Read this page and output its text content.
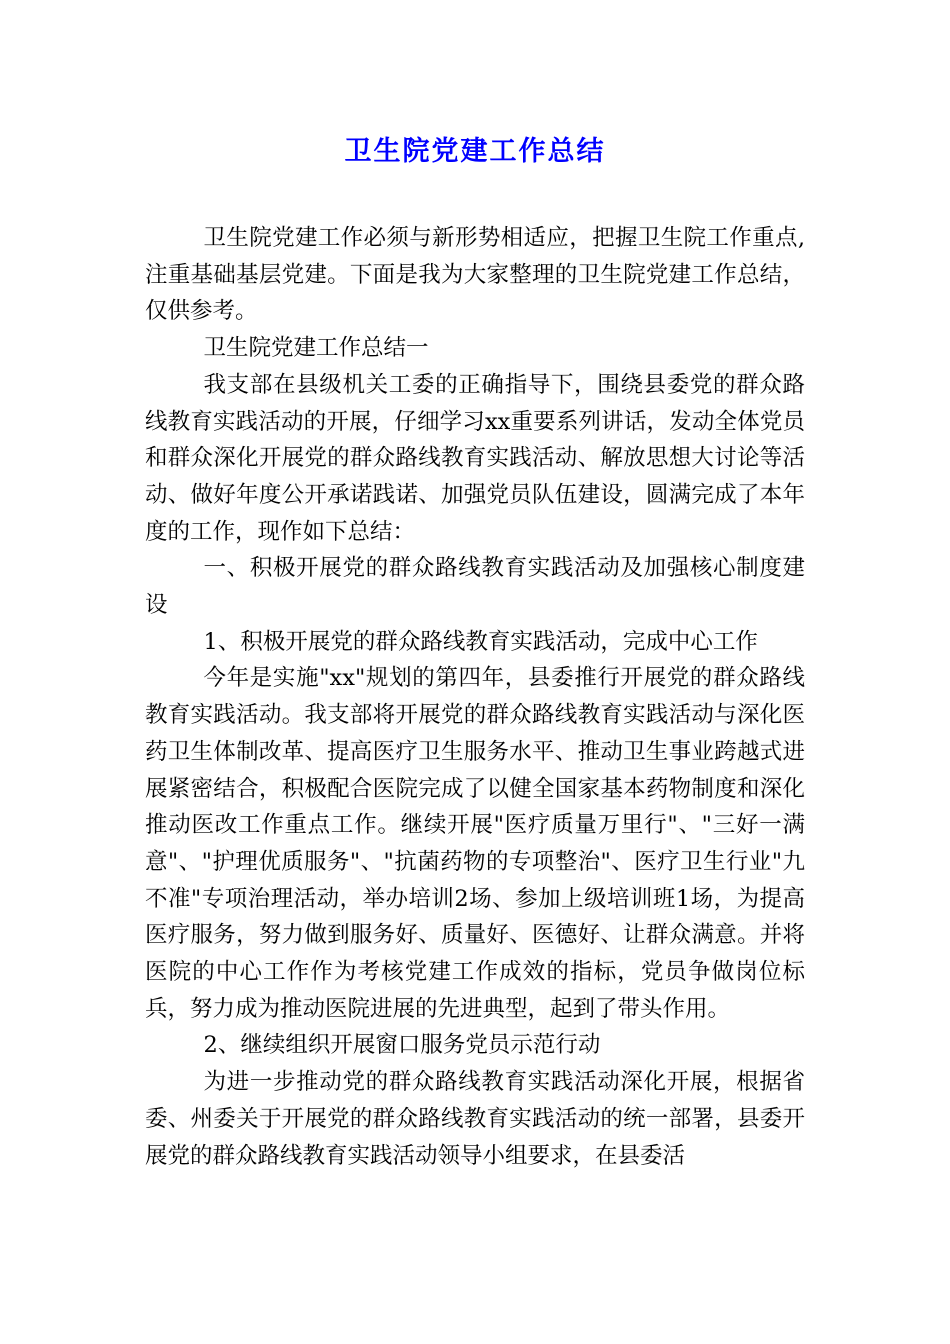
卫生院党建工作总结

卫生院党建工作必须与新形势相适应，把握卫生院工作重点,注重基础基层党建。下面是我为大家整理的卫生院党建工作总结，仅供参考。

卫生院党建工作总结一

我支部在县级机关工委的正确指导下，围绕县委党的群众路线教育实践活动的开展，仔细学习xx重要系列讲话，发动全体党员和群众深化开展党的群众路线教育实践活动、解放思想大讨论等活动、做好年度公开承诺践诺、加强党员队伍建设，圆满完成了本年度的工作，现作如下总结：

一、积极开展党的群众路线教育实践活动及加强核心制度建设

1、积极开展党的群众路线教育实践活动，完成中心工作

今年是实施"xx"规划的第四年，县委推行开展党的群众路线教育实践活动。我支部将开展党的群众路线教育实践活动与深化医药卫生体制改革、提高医疗卫生服务水平、推动卫生事业跨越式进展紧密结合，积极配合医院完成了以健全国家基本药物制度和深化推动医改工作重点工作。继续开展"医疗质量万里行"、"三好一满意"、"护理优质服务"、"抗菌药物的专项整治"、医疗卫生行业"九不准"专项治理活动，举办培训2场、参加上级培训班1场，为提高医疗服务，努力做到服务好、质量好、医德好、让群众满意。并将医院的中心工作作为考核党建工作成效的指标，党员争做岗位标兵，努力成为推动医院进展的先进典型，起到了带头作用。

2、继续组织开展窗口服务党员示范行动

为进一步推动党的群众路线教育实践活动深化开展，根据省委、州委关于开展党的群众路线教育实践活动的统一部署，县委开展党的群众路线教育实践活动领导小组要求，在县委活
